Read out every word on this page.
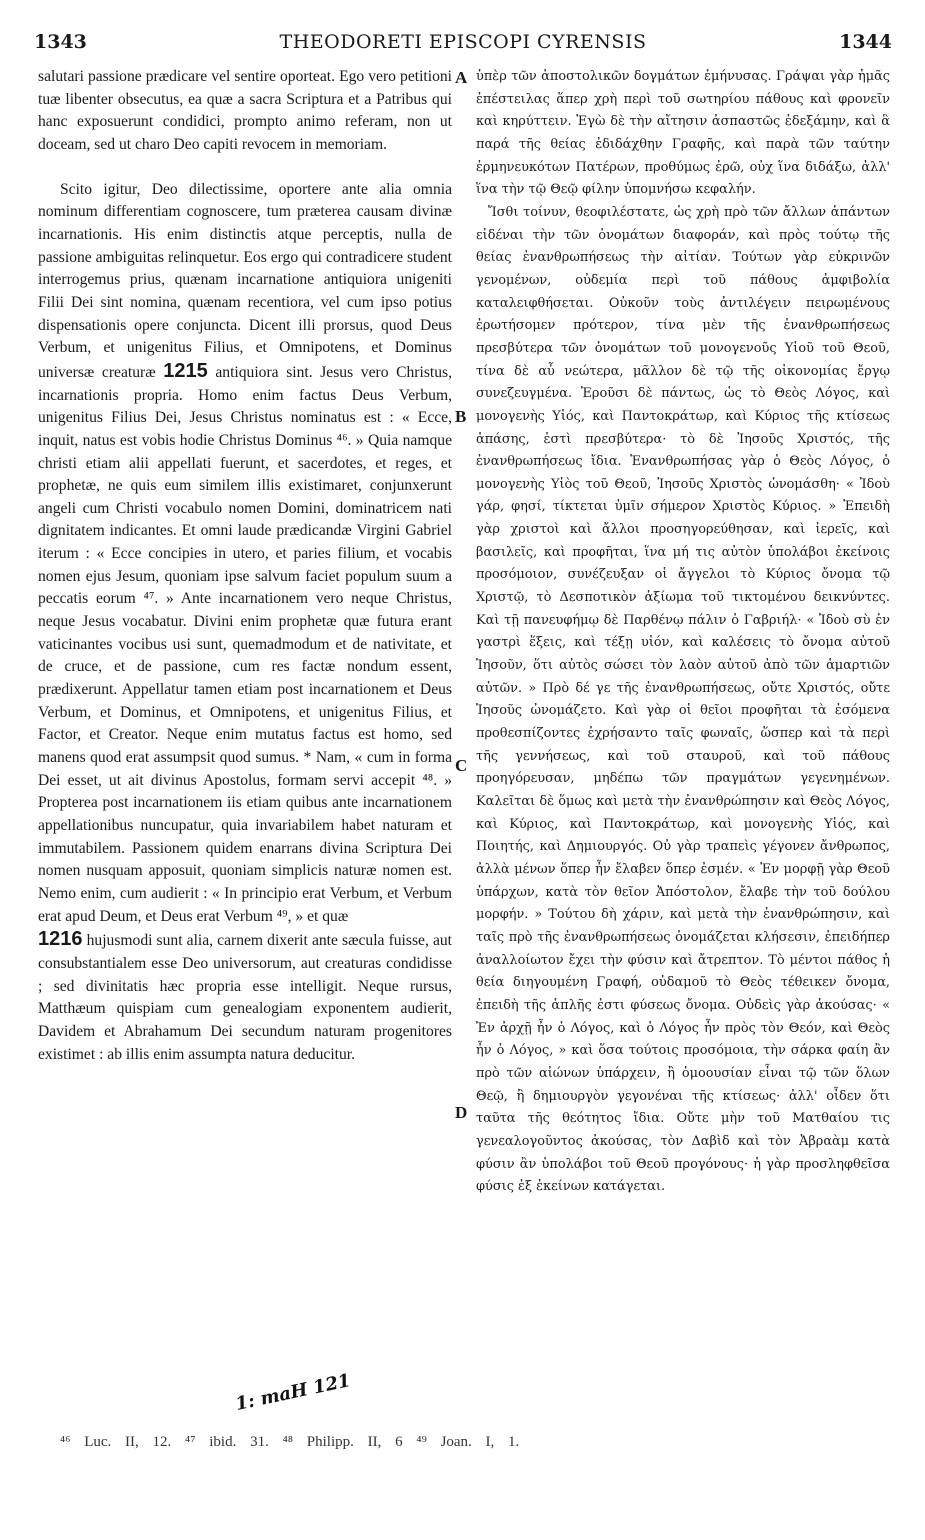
1343	THEODORETI EPISCOPI CYRENSIS	1344

salutari passione prædicare vel sentire oporteat. Ego vero petitioni tuæ libenter obsecutus, ea quæ a sacra Scriptura et a Patribus qui hanc exposuerunt condidici, prompto animo referam, non ut doceam, sed ut charo Deo capiti revocem in memoriam.

Scito igitur, Deo dilectissime, oportere ante alia omnia nominum differentiam cognoscere, tum præterea causam divinæ incarnationis. His enim distinctis atque perceptis, nulla de passione ambiguitas relinquetur. Eos ergo qui contradicere student interrogemus prius, quænam incarnatione antiquiora unigeniti Filii Dei sint nomina, quænam recentiora, vel cum ipso potius dispensationis opere conjuncta. Dicent illi prorsus, quod Deus Verbum, et unigenitus Filius, et Omnipotens, et Dominus universæ creaturæ 1215 antiquiora sint. Jesus vero Christus, incarnationis propria. Homo enim factus Deus Verbum, unigenitus Filius Dei, Jesus Christus nominatus est : « Ecce, inquit, natus est vobis hodie Christus Dominus ⁴⁶. » Quia namque christi etiam alii appellati fuerunt, et sacerdotes, et reges, et prophetæ, ne quis eum similem illis existimaret, conjunxerunt angeli cum Christi vocabulo nomen Domini, dominatricem nati dignitatem indicantes. Et omni laude prædicandæ Virgini Gabriel iterum : « Ecce concipies in utero, et paries filium, et vocabis nomen ejus Jesum, quoniam ipse salvum faciet populum suum a peccatis eorum ⁴⁷. » Ante incarnationem vero neque Christus, neque Jesus vocabatur. Divini enim prophetæ quæ futura erant vaticinantes vocibus usi sunt, quemadmodum et de nativitate, et de cruce, et de passione, cum res factæ nondum essent, prædixerunt. Appellatur tamen etiam post incarnationem et Deus Verbum, et Dominus, et Omnipotens, et unigenitus Filius, et Factor, et Creator. Neque enim mutatus factus est homo, sed manens quod erat assumpsit quod sumus. * Nam, « cum in forma Dei esset, ut ait divinus Apostolus, formam servi accepit ⁴⁸. » Propterea post incarnationem iis etiam quibus ante incarnationem appellationibus nuncupatur, quia invariabilem habet naturam et immutabilem. Passionem quidem enarrans divina Scriptura Dei nomen nusquam apposuit, quoniam simplicis naturæ nomen est. Nemo enim, cum audierit : « In principio erat Verbum, et Verbum erat apud Deum, et Deus erat Verbum ⁴⁹, » et quæ
1216 hujusmodi sunt alia, carnem dixerit ante sæcula fuisse, aut consubstantialem esse Deo universorum, aut creaturas condidisse ; sed divinitatis hæc propria esse intelligit. Neque rursus, Matthæum quispiam cum genealogiam exponentem audierit, Davidem et Abrahamum Dei secundum naturam progenitores existimet : ab illis enim assumpta natura deducitur.

A
B
C
D

ὑπὲρ τῶν ἀποστολικῶν δογμάτων ἐμήνυσας. Γράψαι γὰρ ἡμᾶς ἐπέστειλας ἅπερ χρὴ περὶ τοῦ σωτηρίου πάθους καὶ φρονεῖν καὶ κηρύττειν. Ἐγὼ δὲ τὴν αἴτησιν ἀσπαστῶς ἐδεξάμην, καὶ ἃ παρά τῆς θείας ἐδιδάχθην Γραφῆς, καὶ παρὰ τῶν ταύτην ἑρμηνευκότων Πατέρων, προθύμως ἐρῶ, οὐχ ἵνα διδάξω, ἀλλ' ἵνα τὴν τῷ Θεῷ φίλην ὑπομνήσω κεφαλήν.

Ἴσθι τοίνυν, θεοφιλέστατε, ὡς χρὴ πρὸ τῶν ἄλλων ἁπάντων εἰδέναι τὴν τῶν ὀνομάτων διαφοράν, καὶ πρὸς τούτῳ τῆς θείας ἐνανθρωπήσεως τὴν αἰτίαν. Τούτων γὰρ εὐκρινῶν γενομένων, οὐδεμία περὶ τοῦ πάθους ἀμφιβολία καταλειφθήσεται. Οὐκοῦν τοὺς ἀντιλέγειν πειρωμένους ἐρωτήσομεν πρότερον, τίνα μὲν τῆς ἐνανθρωπήσεως πρεσβύτερα τῶν ὀνομάτων τοῦ μονογενοῦς Υἱοῦ τοῦ Θεοῦ, τίνα δὲ αὖ νεώτερα, μᾶλλον δὲ τῷ τῆς οἰκονομίας ἔργῳ συνεζευγμένα. Ἐροῦσι δὲ πάντως, ὡς τὸ Θεὸς Λόγος, καὶ μονογενὴς Υἱός, καὶ Παντοκράτωρ, καὶ Κύριος τῆς κτίσεως ἁπάσης, ἐστὶ πρεσβύτερα· τὸ δὲ Ἰησοῦς Χριστός, τῆς ἐνανθρωπήσεως ἴδια. Ἐνανθρωπήσας γὰρ ὁ Θεὸς Λόγος, ὁ μονογενὴς Υἱὸς τοῦ Θεοῦ, Ἰησοῦς Χριστὸς ὠνομάσθη· « Ἰδοὺ γάρ, φησί, τίκτεται ὑμῖν σήμερον Χριστὸς Κύριος. » Ἐπειδὴ γὰρ χριστοὶ καὶ ἄλλοι προσηγορεύθησαν, καὶ ἱερεῖς, καὶ βασιλεῖς, καὶ προφῆται, ἵνα μή τις αὐτὸν ὑπολάβοι ἐκείνοις προσόμοιον, συνέζευξαν οἱ ἄγγελοι τὸ Κύριος ὄνομα τῷ Χριστῷ, τὸ Δεσποτικὸν ἀξίωμα τοῦ τικτομένου δεικνύντες. Καὶ τῇ πανευφήμῳ δὲ Παρθένῳ πάλιν ὁ Γαβριήλ· « Ἰδοὺ σὺ ἐν γαστρὶ ἕξεις, καὶ τέξῃ υἱόν, καὶ καλέσεις τὸ ὄνομα αὐτοῦ Ἰησοῦν, ὅτι αὐτὸς σώσει τὸν λαὸν αὐτοῦ ἀπὸ τῶν ἁμαρτιῶν αὐτῶν. » Πρὸ δέ γε τῆς ἐνανθρωπήσεως, οὔτε Χριστός, οὔτε Ἰησοῦς ὠνομάζετο. Καὶ γὰρ οἱ θεῖοι προφῆται τὰ ἐσόμενα προθεσπίζοντες ἐχρήσαντο ταῖς φωναῖς, ὥσπερ καὶ τὰ περὶ τῆς γεννήσεως, καὶ τοῦ σταυροῦ, καὶ τοῦ πάθους προηγόρευσαν, μηδέπω τῶν πραγμάτων γεγενημένων. Καλεῖται δὲ ὅμως καὶ μετὰ τὴν ἐνανθρώπησιν καὶ Θεὸς Λόγος, καὶ Κύριος, καὶ Παντοκράτωρ, καὶ μονογενὴς Υἱός, καὶ Ποιητής, καὶ Δημιουργός. Οὐ γὰρ τραπεὶς γέγονεν ἄνθρωπος, ἀλλὰ μένων ὅπερ ἦν ἔλαβεν ὅπερ ἐσμέν. « Ἐν μορφῇ γὰρ Θεοῦ ὑπάρχων, κατὰ τὸν θεῖον Ἀπόστολον, ἔλαβε τὴν τοῦ δούλου μορφήν. » Τούτου δὴ χάριν, καὶ μετὰ τὴν ἐνανθρώπησιν, καὶ ταῖς πρὸ τῆς ἐνανθρωπήσεως ὀνομάζεται κλήσεσιν, ἐπειδήπερ ἀναλλοίωτον ἔχει τὴν φύσιν καὶ ἄτρεπτον. Τὸ μέντοι πάθος ἡ θεία διηγουμένη Γραφή, οὐδαμοῦ τὸ Θεὸς τέθεικεν ὄνομα, ἐπειδὴ τῆς ἁπλῆς ἐστι φύσεως ὄνομα. Οὐδεὶς γὰρ ἀκούσας· « Ἐν ἀρχῇ ἦν ὁ Λόγος, καὶ ὁ Λόγος ἦν πρὸς τὸν Θεόν, καὶ Θεὸς ἦν ὁ Λόγος, » καὶ ὅσα τούτοις προσόμοια, τὴν σάρκα φαίη ἂν πρὸ τῶν αἰώνων ὑπάρχειν, ἢ ὁμοουσίαν εἶναι τῷ τῶν ὅλων Θεῷ, ἢ δημιουργὸν γεγονέναι τῆς κτίσεως· ἀλλ' οἶδεν ὅτι ταῦτα τῆς θεότητος ἴδια. Οὔτε μὴν τοῦ Ματθαίου τις γενεαλογοῦντος ἀκούσας, τὸν Δαβὶδ καὶ τὸν Ἀβραὰμ κατὰ φύσιν ἂν ὑπολάβοι τοῦ Θεοῦ προγόνους· ἡ γὰρ προσληφθεῖσα φύσις ἐξ ἐκείνων κατάγεται.

1: maH 121
⁴⁶ Luc. II, 12. ⁴⁷ ibid. 31. ⁴⁸ Philipp. II, 6 ⁴⁹ Joan. I, 1.
